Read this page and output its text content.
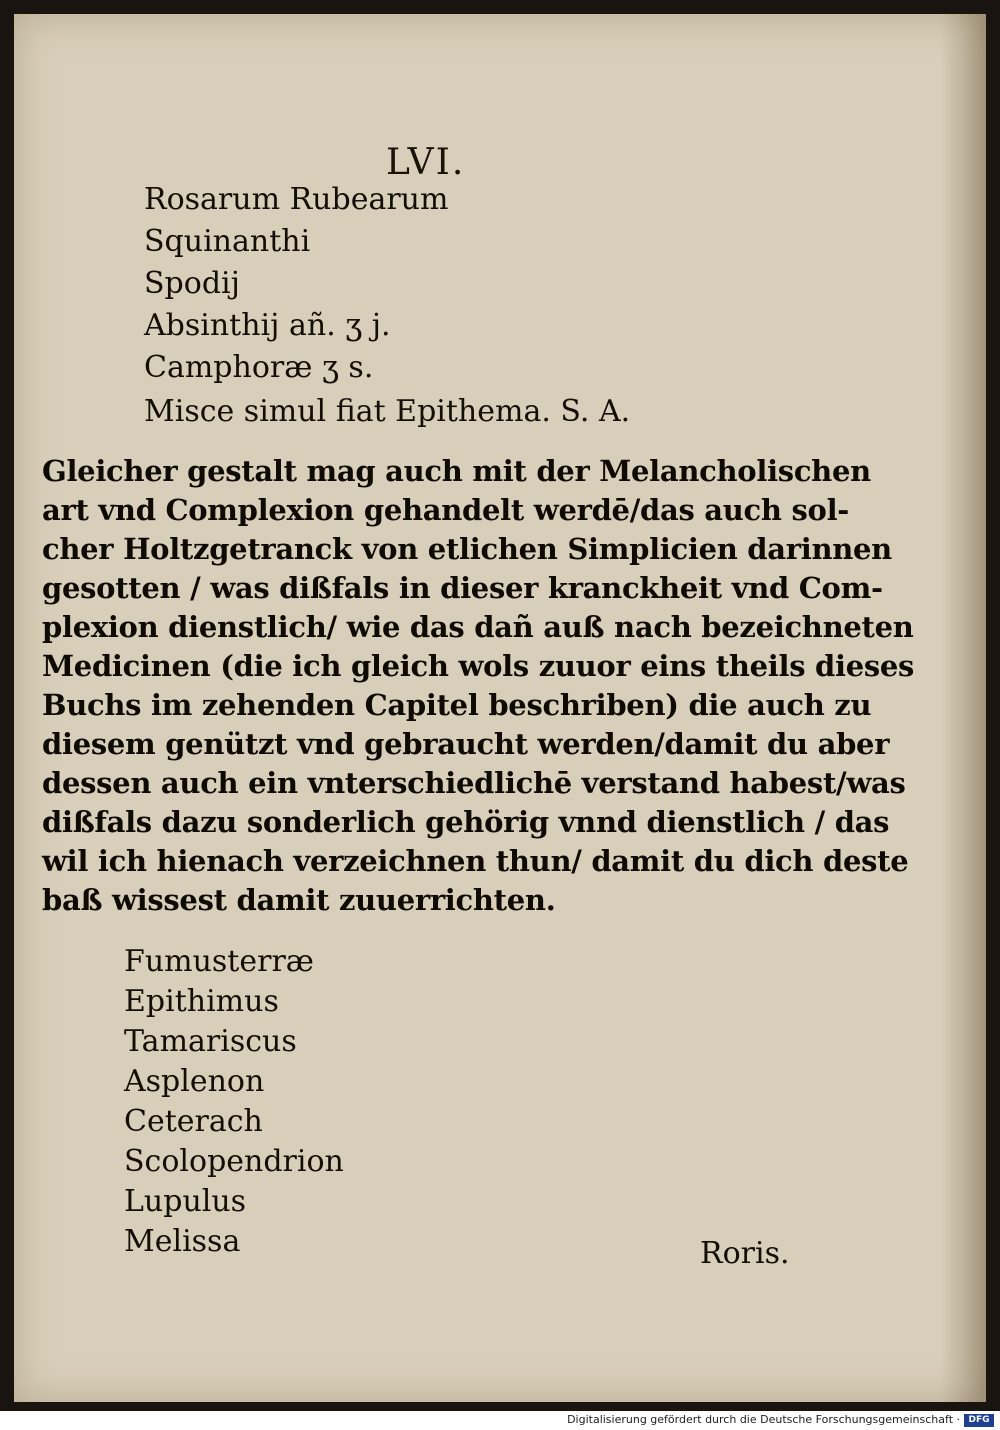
LVI.
Rosarum Rubearum
Squinanthi
Spodij
Absinthij añ. ʒ j.
Camphoræ ʒ s.
Misce simul fiat Epithema. S. A.
Gleicher gestalt mag auch mit der Melancholischen
art vnd Complexion gehandelt werdē/das auch sol‐
cher Holtzgetranck von etlichen Simplicien darinnen
gesotten / was dißfals in dieser kranckheit vnd Com‐
plexion dienstlich/ wie das dañ auß nach bezeichneten
Medicinen (die ich gleich wols zuuor eins theils dieses
Buchs im zehenden Capitel beschriben) die auch zu
diesem genützt vnd gebraucht werden/damit du aber
dessen auch ein vnterschiedlichē verstand habest/was
dißfals dazu sonderlich gehörig vnnd dienstlich / das
wil ich hienach verzeichnen thun/ damit du dich deste
baß wissest damit zuuerrichten.
Fumusterræ
Epithimus
Tamariscus
Asplenon
Ceterach
Scolopendrion
Lupulus
Melissa	Roris.
Digitalisierung gefördert durch die Deutsche Forschungsgemeinschaft · DFG
